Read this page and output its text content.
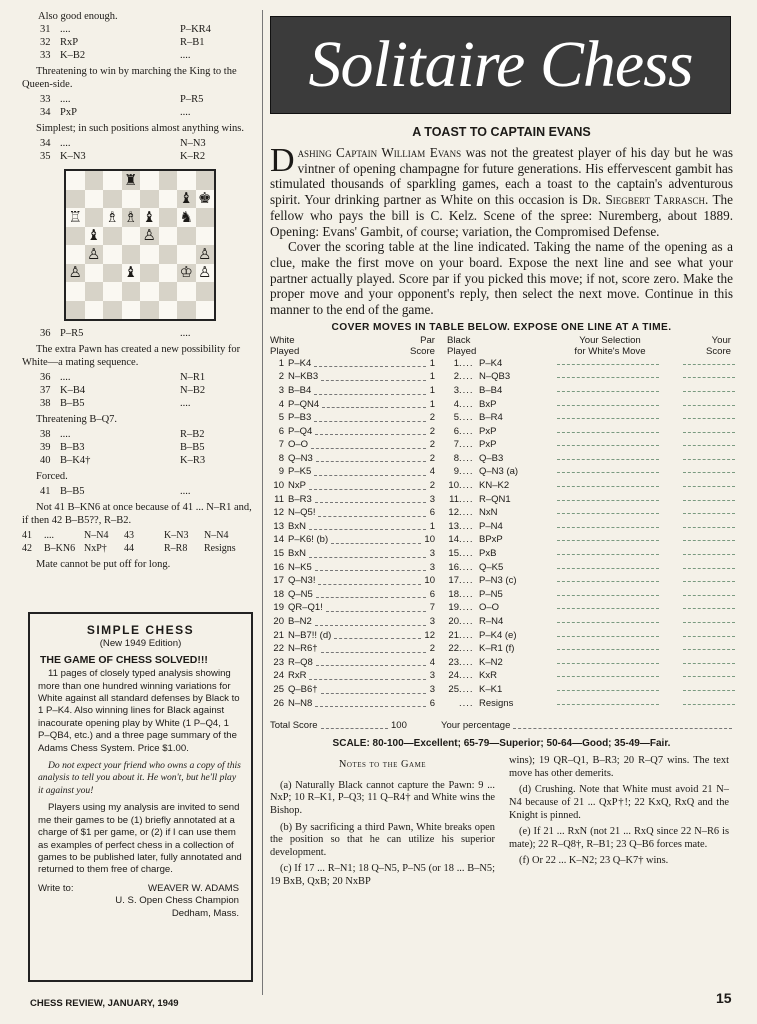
Also good enough.
31 ....	P–KR4
32 RxP	R–B1
33 K–B2	....
Threatening to win by marching the King to the Queen-side.
33 ....	P–R5
34 PxP	....
Simplest; in such positions almost anything wins.
34 ....	N–N3
35 K–N3	K–R2
♜
♝ ♚
♖ ♗ ♗ ♝ ♞
♝	♙
♙	♙
♙	♝	♔ ♙
36 P–R5	....
The extra Pawn has created a new possibility for White—a mating sequence.
36 ....	N–R1
37 K–B4	N–B2
38 B–B5	....
Threatening B–Q7.
38 ....	R–B2
39 B–B3	B–B5
40 B–K4†	K–R3
Forced.
41 B–B5	....
Not 41 B–KN6 at once because of 41 ... N–R1 and, if then 42 B–B5??, R–B2.
41	....	N–N4	43	K–N3	N–N4
42	B–KN6 NxP†	44	R–R8	Resigns
Mate cannot be put off for long.
SIMPLE CHESS
(New 1949 Edition)
THE GAME OF CHESS SOLVED!!!

11 pages of closely typed analysis showing more than one hundred winning variations for White against all standard defenses by Black to 1 P–K4. Also winning lines for Black against inacourate opening play by White (1 P–Q4, 1 P–QB4, etc.) and a three page summary of the Adams Chess System. Price $1.00.

Do not expect your friend who owns a copy of this analysis to tell you about it. He won't, but he'll play it against you!

Players using my analysis are invited to send me their games to be (1) briefly annotated at a charge of $1 per game, or (2) if I can use them as examples of perfect chess in a collection of games to be published later, fully annotated and returned to them free of charge.

Write to:	WEAVER W. ADAMS
U. S. Open Chess Champion
Dedham, Mass.
Solitaire Chess
A TOAST TO CAPTAIN EVANS

Dashing Captain William Evans was not the greatest player of his day but he was vintner of opening champagne for future generations. His effervescent gambit has stimulated thousands of sparkling games, each a toast to the captain's adventurous spirit. Your drinking partner as White on this occasion is Dr. Siegbert Tarrasch. The fellow who pays the bill is C. Kelz. Scene of the spree: Nuremberg, about 1889. Opening: Evans' Gambit, of course; variation, the Compromised Defense.

Cover the scoring table at the line indicated. Taking the name of the opening as a clue, make the first move on your board. Expose the next line and see what your partner actually played. Score par if you picked this move; if not, score zero. Make the proper move and your opponent's reply, then select the next move. Continue in this manner to the end of the game.

COVER MOVES IN TABLE BELOW. EXPOSE ONE LINE AT A TIME.
White
Played
Par
Score
Black
Played
Your Selection
for White's Move
Your
Score
1 P–K4	1	1.... P–K4
2 N–KB3	1	2.... N–QB3
3 B–B4	1	3.... B–B4
4 P–QN4	1	4.... BxP
5 P–B3	2	5.... B–R4
6 P–Q4	2	6.... PxP
7 O–O	2	7.... PxP
8 Q–N3	2	8.... Q–B3
9 P–K5	4	9.... Q–N3 (a)
10 NxP	2	10.... KN–K2
11 B–R3	3	11.... R–QN1
12 N–Q5!	6	12.... NxN
13 BxN	1	13.... P–N4
14 P–K6! (b)	10	14.... BPxP
15 BxN	3	15.... PxB
16 N–K5	3	16.... Q–K5
17 Q–N3!	10	17.... P–N3 (c)
18 Q–N5	6	18.... P–N5
19 QR–Q1!	7	19.... O–O
20 B–N2	3	20.... R–N4
21 N–B7!! (d)	12	21.... P–K4 (e)
22 N–R6†	2	22.... K–R1 (f)
23 R–Q8	4	23.... K–N2
24 RxR	3	24.... KxR
25 Q–B6†	3	25.... K–K1
26 N–N8	6	.... Resigns
Total Score	100	Your percentage
SCALE: 80-100—Excellent; 65-79—Superior; 50-64—Good; 35-49—Fair.
Notes to the Game

(a) Naturally Black cannot capture the Pawn: 9 ... NxP; 10 R–K1, P–Q3; 11 Q–R4† and White wins the Bishop.

(b) By sacrificing a third Pawn, White breaks open the position so that he can utilize his superior development.

(c) If 17 ... R–N1; 18 Q–N5, P–N5 (or 18 ... B–N5; 19 BxB, QxB; 20 NxBP

wins); 19 QR–Q1, B–R3; 20 R–Q7 wins. The text move has other demerits.

(d) Crushing. Note that White must avoid 21 N–N4 because of 21 ... QxP†!; 22 KxQ, RxQ and the Knight is pinned.

(e) If 21 ... RxN (not 21 ... RxQ since 22 N–R6 is mate); 22 R–Q8†, R–B1; 23 Q–B6 forces mate.

(f) Or 22 ... K–N2; 23 Q–K7† wins.

CHESS REVIEW, JANUARY, 1949	15
